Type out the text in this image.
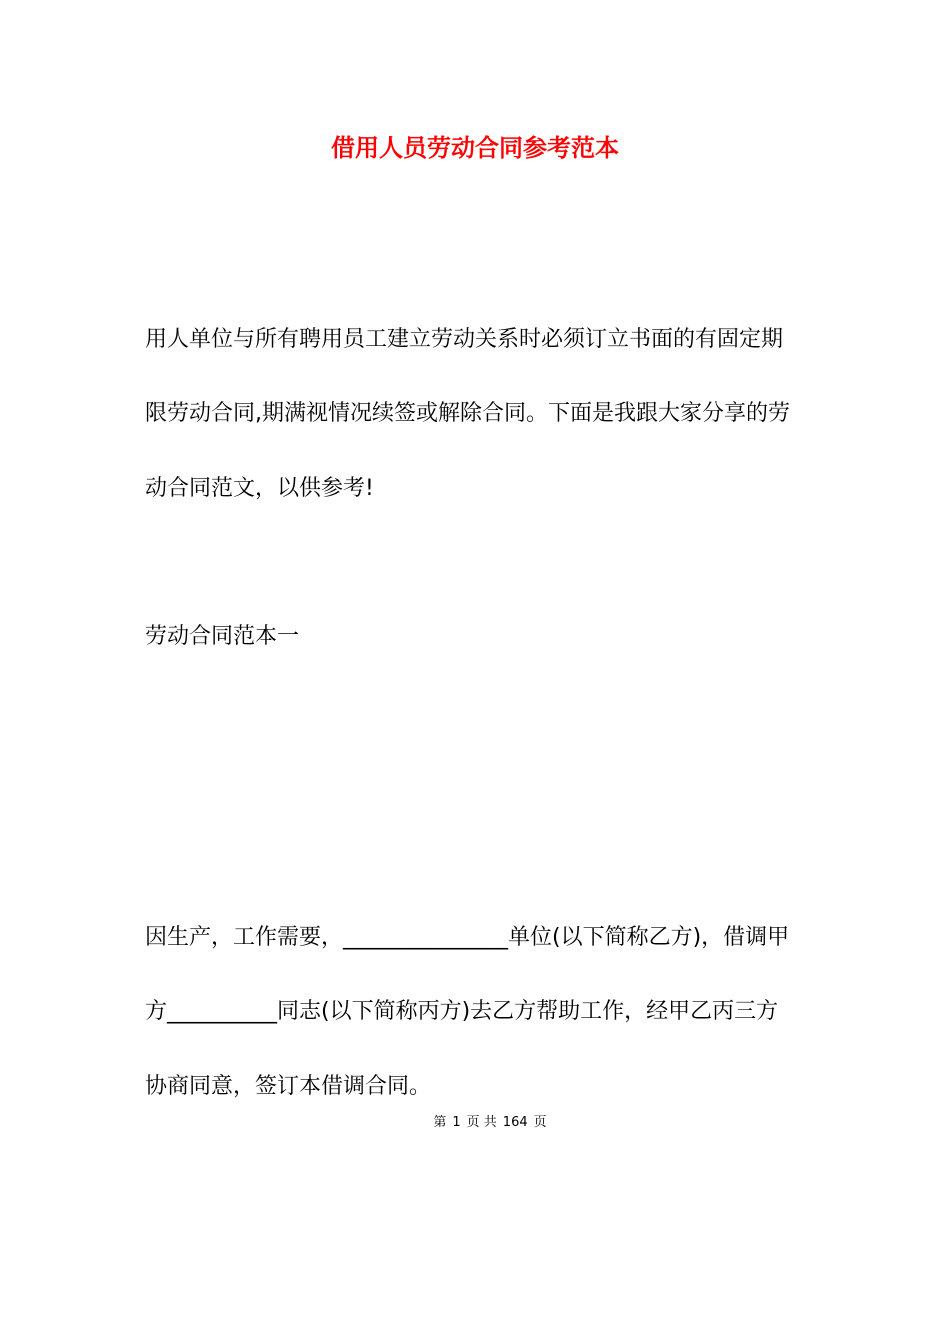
借用人员劳动合同参考范本
用人单位与所有聘用员工建立劳动关系时必须订立书面的有固定期
限劳动合同,期满视情况续签或解除合同。下面是我跟大家分享的劳
动合同范文，以供参考!
劳动合同范本一
因生产，工作需要，_______________单位(以下简称乙方)，借调甲
方__________同志(以下简称丙方)去乙方帮助工作，经甲乙丙三方
协商同意，签订本借调合同。
第 1 页 共 164 页
